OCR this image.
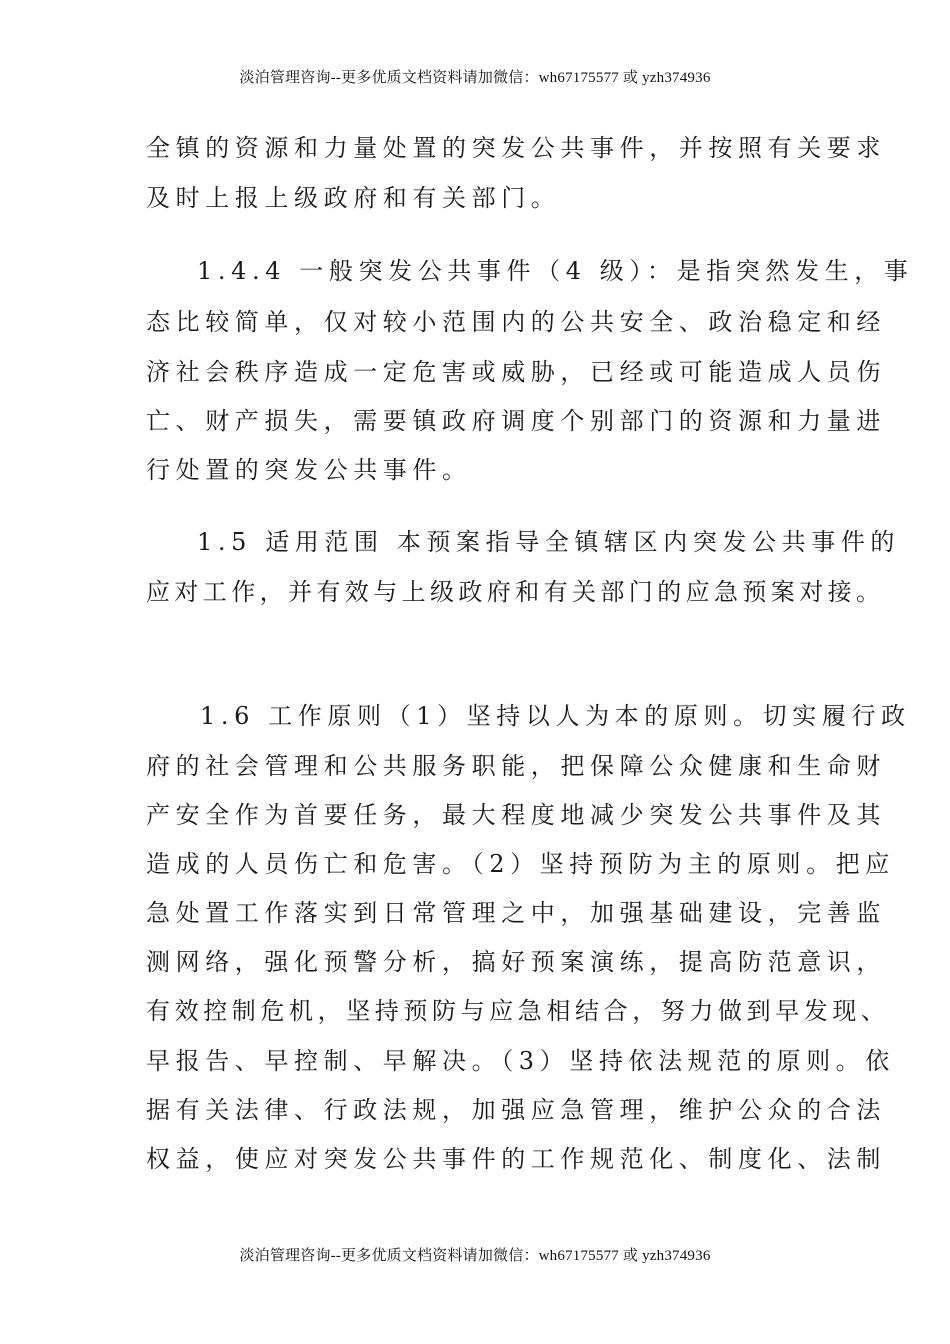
淡泊管理咨询--更多优质文档资料请加微信：wh67175577 或 yzh374936
全镇的资源和力量处置的突发公共事件，并按照有关要求
及时上报上级政府和有关部门。
1.4.4 一般突发公共事件（4 级）：是指突然发生，事
态比较简单，仅对较小范围内的公共安全、政治稳定和经
济社会秩序造成一定危害或威胁，已经或可能造成人员伤
亡、财产损失，需要镇政府调度个别部门的资源和力量进
行处置的突发公共事件。
1.5 适用范围 本预案指导全镇辖区内突发公共事件的
应对工作，并有效与上级政府和有关部门的应急预案对接。
1.6 工作原则（1）坚持以人为本的原则。切实履行政
府的社会管理和公共服务职能，把保障公众健康和生命财
产安全作为首要任务，最大程度地减少突发公共事件及其
造成的人员伤亡和危害。（2）坚持预防为主的原则。把应
急处置工作落实到日常管理之中，加强基础建设，完善监
测网络，强化预警分析，搞好预案演练，提高防范意识，
有效控制危机，坚持预防与应急相结合，努力做到早发现、
早报告、早控制、早解决。（3）坚持依法规范的原则。依
据有关法律、行政法规，加强应急管理，维护公众的合法
权益，使应对突发公共事件的工作规范化、制度化、法制
淡泊管理咨询--更多优质文档资料请加微信：wh67175577 或 yzh374936
